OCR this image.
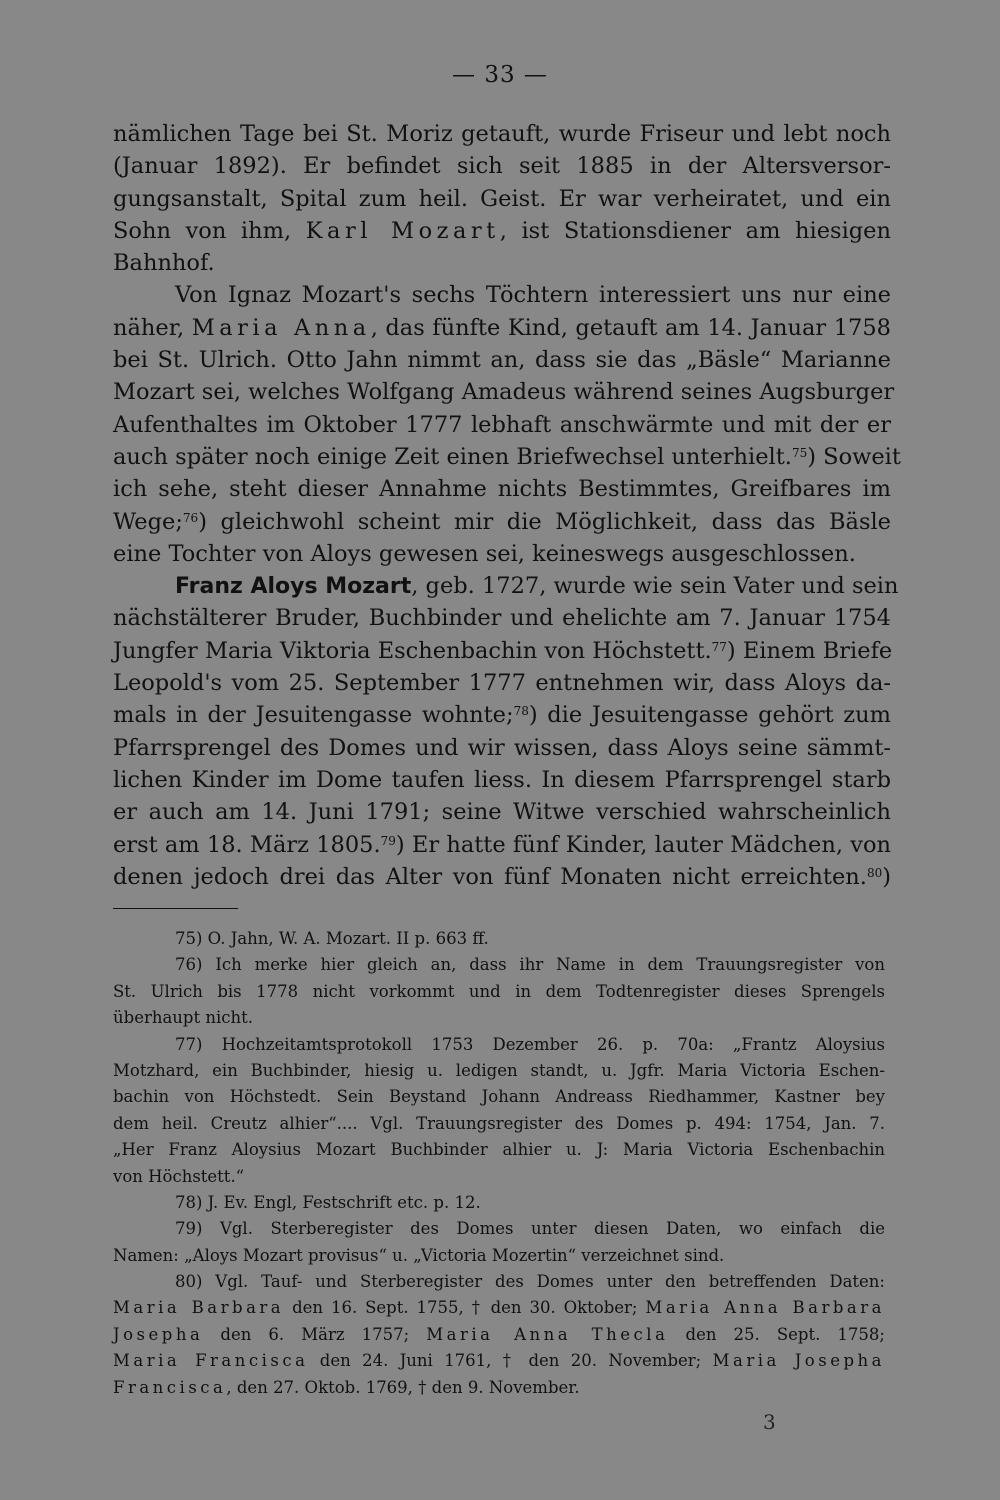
— 33 —
nämlichen Tage bei St. Moriz getauft, wurde Friseur und lebt noch
(Januar 1892). Er befindet sich seit 1885 in der Altersversor-
gungsanstalt, Spital zum heil. Geist. Er war verheiratet, und ein
Sohn von ihm, Karl Mozart, ist Stationsdiener am hiesigen
Bahnhof.
Von Ignaz Mozart's sechs Töchtern interessiert uns nur eine
näher, Maria Anna, das fünfte Kind, getauft am 14. Januar 1758
bei St. Ulrich. Otto Jahn nimmt an, dass sie das „Bäsle“ Marianne
Mozart sei, welches Wolfgang Amadeus während seines Augsburger
Aufenthaltes im Oktober 1777 lebhaft anschwärmte und mit der er
auch später noch einige Zeit einen Briefwechsel unterhielt.$^{75}$) Soweit
ich sehe, steht dieser Annahme nichts Bestimmtes, Greifbares im
Wege;$^{76}$) gleichwohl scheint mir die Möglichkeit, dass das Bäsle
eine Tochter von Aloys gewesen sei, keineswegs ausgeschlossen.
Franz Aloys Mozart, geb. 1727, wurde wie sein Vater und sein
nächstälterer Bruder, Buchbinder und ehelichte am 7. Januar 1754
Jungfer Maria Viktoria Eschenbachin von Höchstett.$^{77}$) Einem Briefe
Leopold's vom 25. September 1777 entnehmen wir, dass Aloys da-
mals in der Jesuitengasse wohnte;$^{78}$) die Jesuitengasse gehört zum
Pfarrsprengel des Domes und wir wissen, dass Aloys seine sämmt-
lichen Kinder im Dome taufen liess. In diesem Pfarrsprengel starb
er auch am 14. Juni 1791; seine Witwe verschied wahrscheinlich
erst am 18. März 1805.79) Er hatte fünf Kinder, lauter Mädchen, von
denen jedoch drei das Alter von fünf Monaten nicht erreichten.$^{80}$)
75) O. Jahn, W. A. Mozart. II p. 663 ff.
76) Ich merke hier gleich an, dass ihr Name in dem Trauungsregister von
St. Ulrich bis 1778 nicht vorkommt und in dem Todtenregister dieses Sprengels
überhaupt nicht.
77) Hochzeitamtsprotokoll 1753 Dezember 26. p. 70a: „Frantz Aloysius
Motzhard, ein Buchbinder, hiesig u. ledigen standt, u. Jgfr. Maria Victoria Eschen-
bachin von Höchstedt. Sein Beystand Johann Andreass Riedhammer, Kastner bey
dem heil. Creutz alhier“.... Vgl. Trauungsregister des Domes p. 494: 1754, Jan. 7.
„Her Franz Aloysius Mozart Buchbinder alhier u. J: Maria Victoria Eschenbachin
von Höchstett.“
78) J. Ev. Engl, Festschrift etc. p. 12.
79) Vgl. Sterberegister des Domes unter diesen Daten, wo einfach die
Namen: „Aloys Mozart provisus“ u. „Victoria Mozertin“ verzeichnet sind.
80) Vgl. Tauf- und Sterberegister des Domes unter den betreffenden Daten:
Maria Barbara den 16. Sept. 1755, † den 30. Oktober; Maria Anna Barbara
Josepha den 6. März 1757; Maria Anna Thecla den 25. Sept. 1758;
Maria Francisca den 24. Juni 1761, † den 20. November; Maria Josepha
Francisca, den 27. Oktob. 1769, † den 9. November.
3
